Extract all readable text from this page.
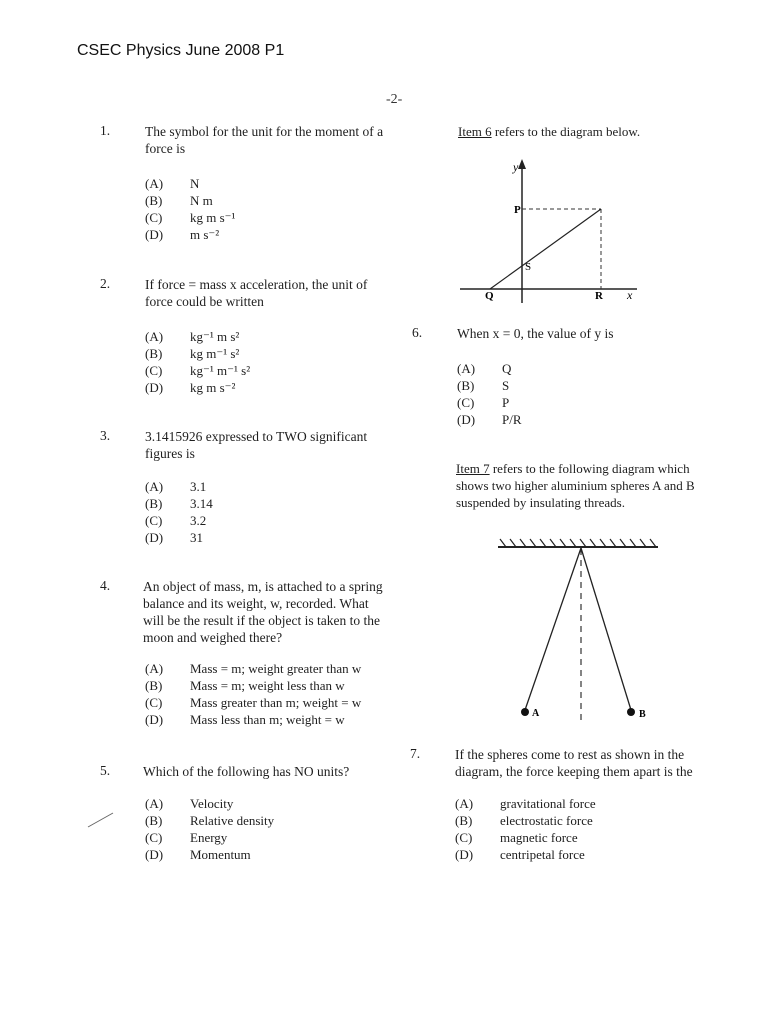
CSEC Physics June 2008 P1
-2-
1.	The symbol for the unit for the moment of a force is
(A)	N
(B)	N m
(C)	kg m s⁻¹
(D)	m s⁻²
2.	If force = mass x acceleration, the unit of force could be written
(A)	kg⁻¹ m s²
(B)	kg m⁻¹ s²
(C)	kg⁻¹ m⁻¹ s²
(D)	kg m s⁻²
3.	3.1415926 expressed to TWO significant figures is
(A)	3.1
(B)	3.14
(C)	3.2
(D)	31
4. An object of mass, m, is attached to a spring balance and its weight, w, recorded. What will be the result if the object is taken to the moon and weighed there?
(A)	Mass = m; weight greater than w
(B)	Mass = m; weight less than w
(C)	Mass greater than m; weight = w
(D)	Mass less than m; weight = w
5. Which of the following has NO units?
(A)	Velocity
(B)	Relative density
(C)	Energy
(D)	Momentum
Item 6 refers to the diagram below.
y
x
P
S
Q	R
6.	When x = 0, the value of y is
(A)	Q
(B)	S
(C)	P
(D)	P/R
Item 7 refers to the following diagram which shows two higher aluminium spheres A and B suspended by insulating threads.
A	B
7.	If the spheres come to rest as shown in the diagram, the force keeping them apart is the
(A)	gravitational force
(B)	electrostatic force
(C)	magnetic force
(D)	centripetal force
